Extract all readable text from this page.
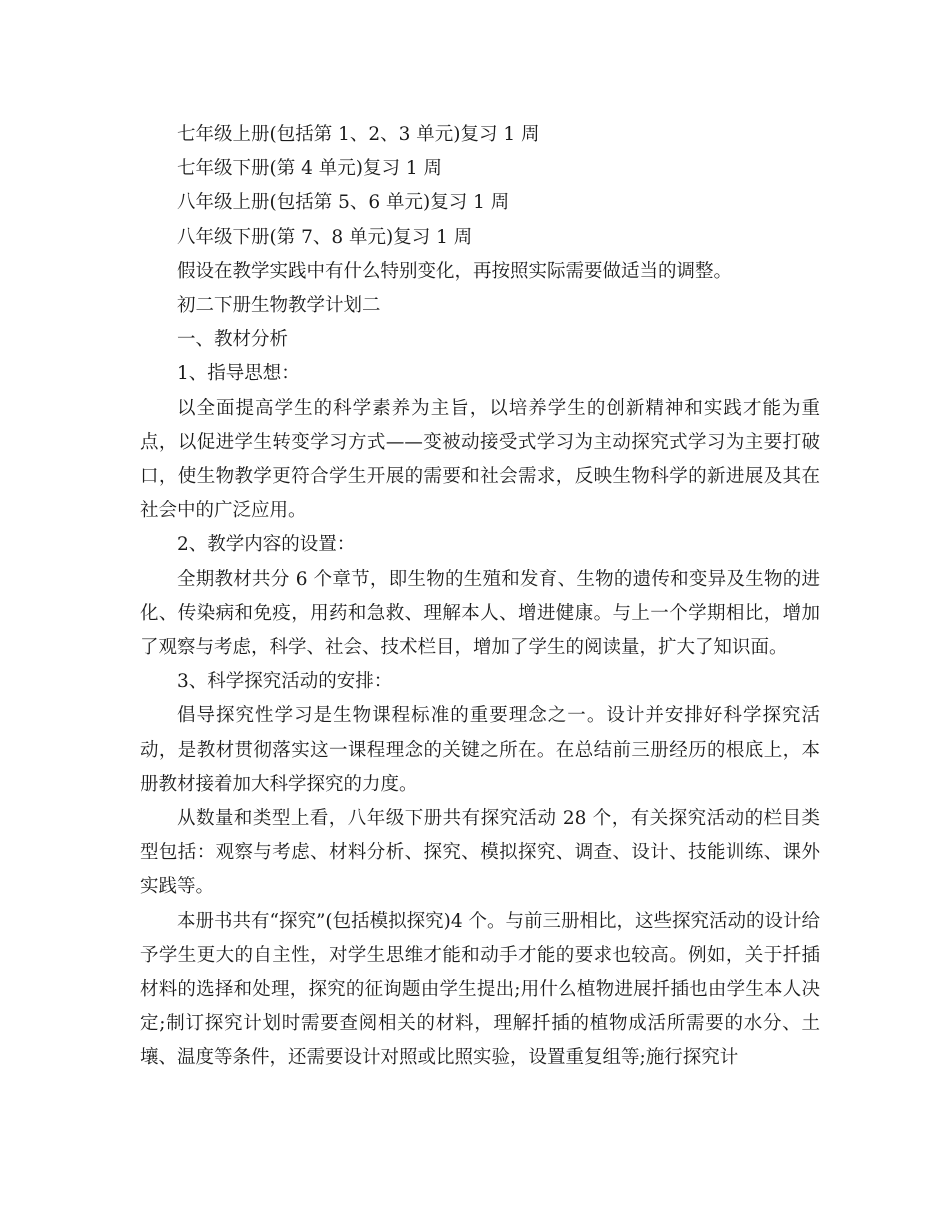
七年级上册(包括第 1、2、3 单元)复习 1 周

七年级下册(第 4 单元)复习 1 周

八年级上册(包括第 5、6 单元)复习 1 周

八年级下册(第 7、8 单元)复习 1 周

假设在教学实践中有什么特别变化，再按照实际需要做适当的调整。

初二下册生物教学计划二

一、教材分析

1、指导思想：

以全面提高学生的科学素养为主旨，以培养学生的创新精神和实践才能为重点，以促进学生转变学习方式——变被动接受式学习为主动探究式学习为主要打破口，使生物教学更符合学生开展的需要和社会需求，反映生物科学的新进展及其在社会中的广泛应用。

2、教学内容的设置：

全期教材共分 6 个章节，即生物的生殖和发育、生物的遗传和变异及生物的进化、传染病和免疫，用药和急救、理解本人、增进健康。与上一个学期相比，增加了观察与考虑，科学、社会、技术栏目，增加了学生的阅读量，扩大了知识面。

3、科学探究活动的安排：

倡导探究性学习是生物课程标准的重要理念之一。设计并安排好科学探究活动，是教材贯彻落实这一课程理念的关键之所在。在总结前三册经历的根底上，本册教材接着加大科学探究的力度。

从数量和类型上看，八年级下册共有探究活动 28 个，有关探究活动的栏目类型包括：观察与考虑、材料分析、探究、模拟探究、调查、设计、技能训练、课外实践等。

本册书共有“探究”(包括模拟探究)4 个。与前三册相比，这些探究活动的设计给予学生更大的自主性，对学生思维才能和动手才能的要求也较高。例如，关于扦插材料的选择和处理，探究的征询题由学生提出;用什么植物进展扦插也由学生本人决定;制订探究计划时需要查阅相关的材料，理解扦插的植物成活所需要的水分、土壤、温度等条件，还需要设计对照或比照实验，设置重复组等;施行探究计
